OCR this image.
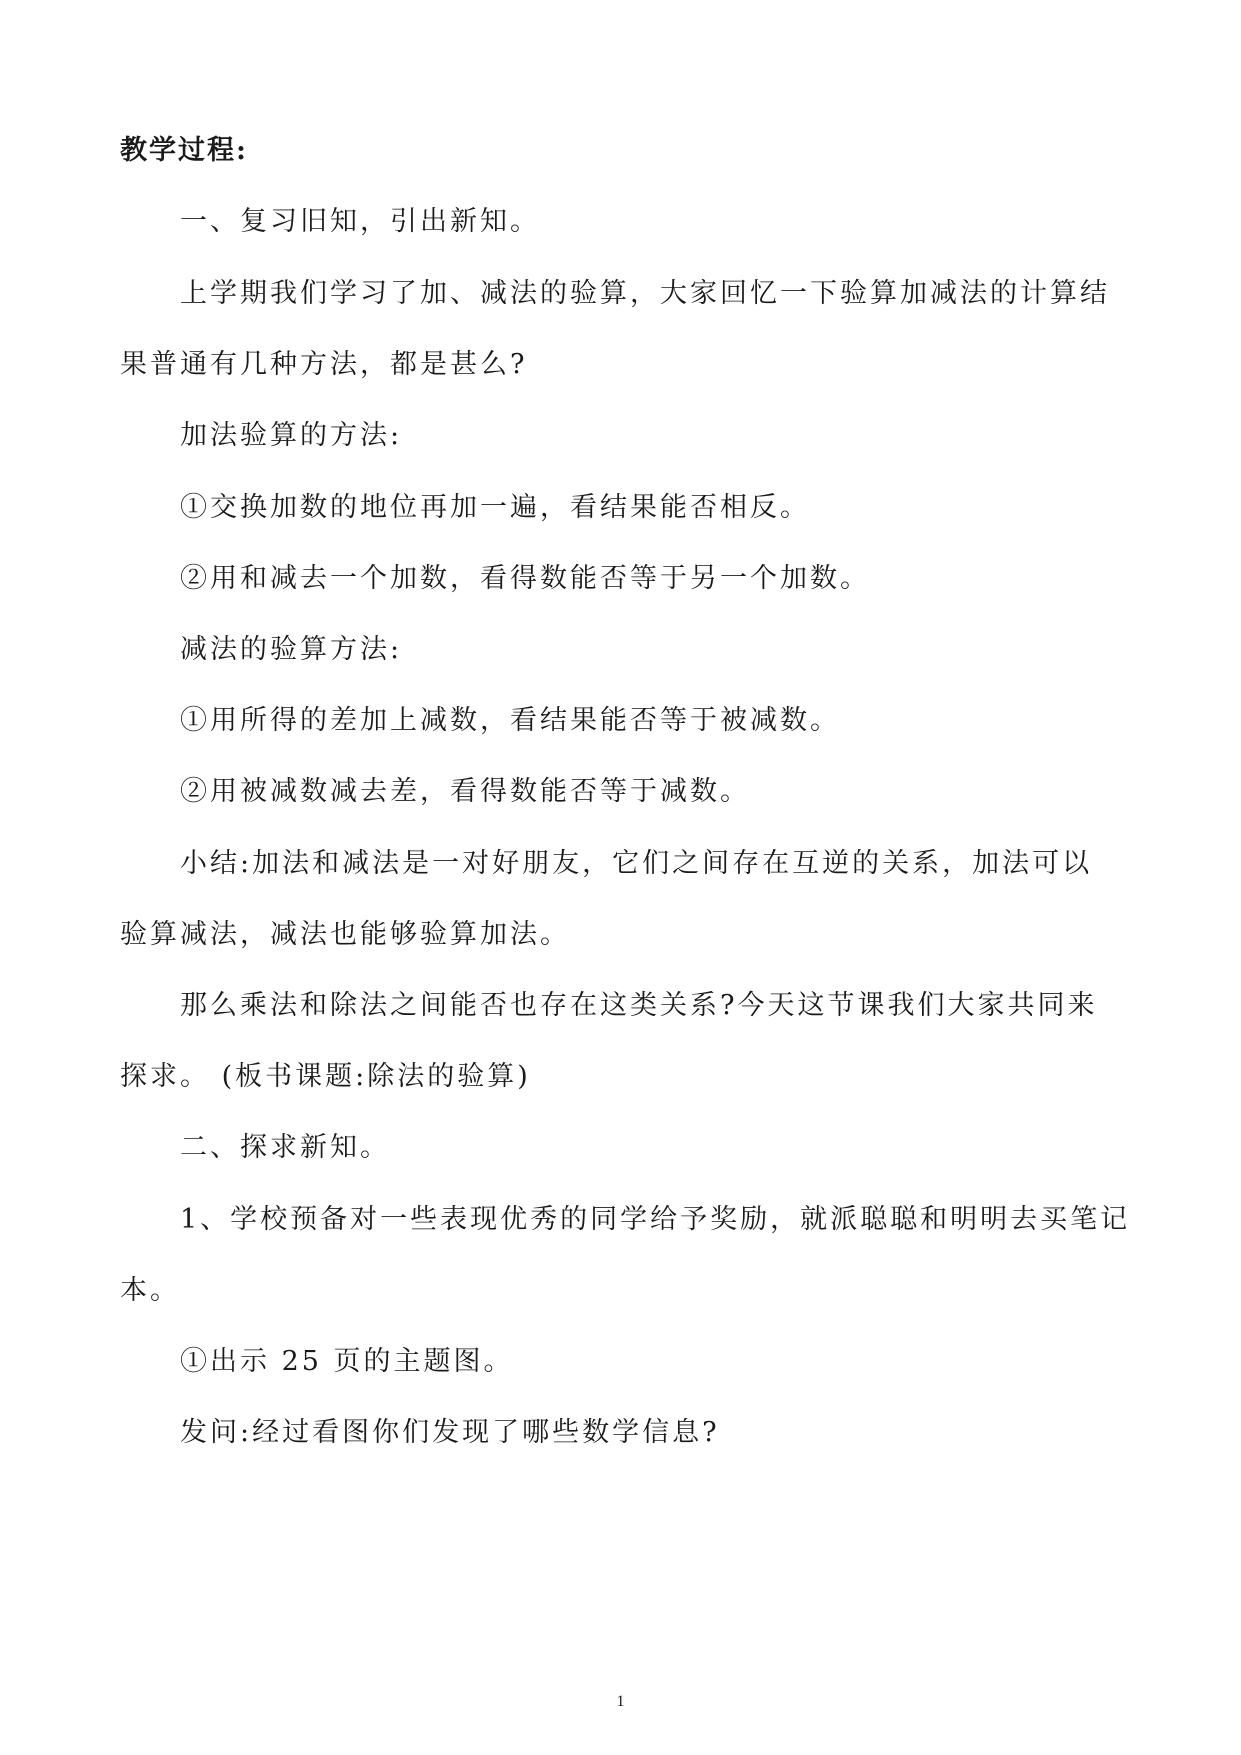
教学过程:
一、复习旧知，引出新知。
上学期我们学习了加、减法的验算，大家回忆一下验算加减法的计算结
果普通有几种方法，都是甚么?
加法验算的方法:
①交换加数的地位再加一遍，看结果能否相反。
②用和减去一个加数，看得数能否等于另一个加数。
减法的验算方法:
①用所得的差加上减数，看结果能否等于被减数。
②用被减数减去差，看得数能否等于减数。
小结:加法和减法是一对好朋友，它们之间存在互逆的关系，加法可以
验算减法，减法也能够验算加法。
那么乘法和除法之间能否也存在这类关系?今天这节课我们大家共同来
探求。 (板书课题:除法的验算)
二、探求新知。
1、学校预备对一些表现优秀的同学给予奖励，就派聪聪和明明去买笔记
本。
①出示 25 页的主题图。
发问:经过看图你们发现了哪些数学信息?
1
